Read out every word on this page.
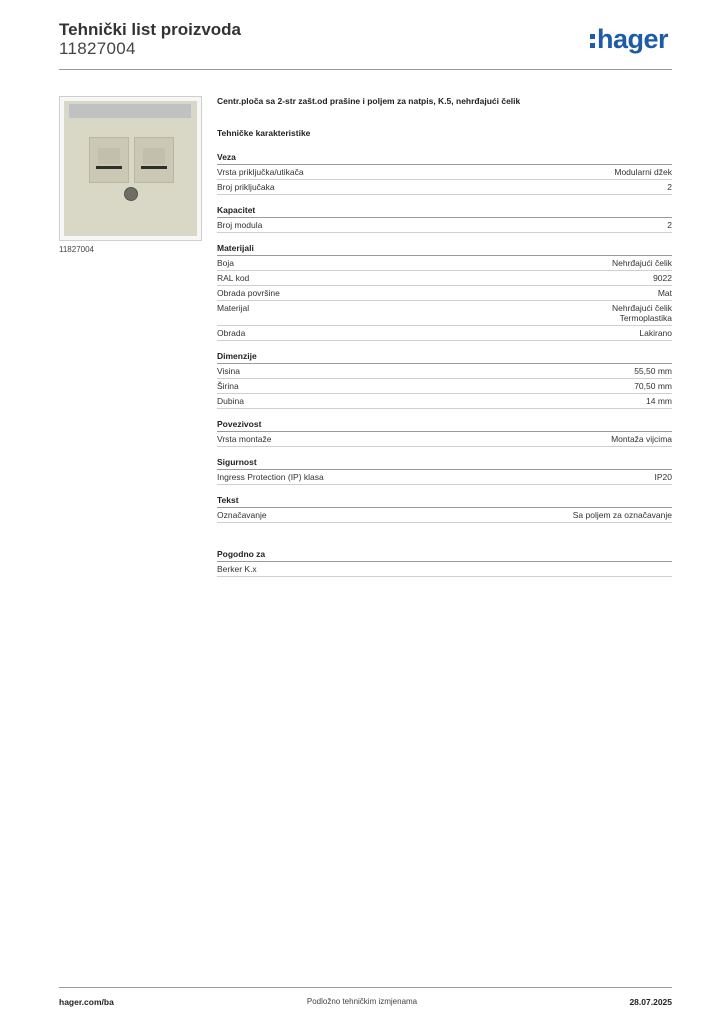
Tehnički list proizvoda
11827004	hager
11827004
Centr.ploča sa 2-str zašt.od prašine i poljem za natpis, K.5, nehrđajući čelik
Tehničke karakteristike
Veza
Vrsta priključka/utikača	Modularni džek
Broj priključaka	2
Kapacitet
Broj modula	2
Materijali
Boja	Nehrđajući čelik
RAL kod	9022
Obrada površine	Mat
Materijal	Nehrđajući čelik
Termoplastika
Obrada	Lakirano
Dimenzije
Visina	55,50 mm
Širina	70,50 mm
Dubina	14 mm
Povezivost
Vrsta montaže	Montaža vijcima
Sigurnost
Ingress Protection (IP) klasa	IP20
Tekst
Označavanje	Sa poljem za označavanje
Pogodno za
Berker K.x
hager.com/ba	Podložno tehničkim izmjenama	28.07.2025
